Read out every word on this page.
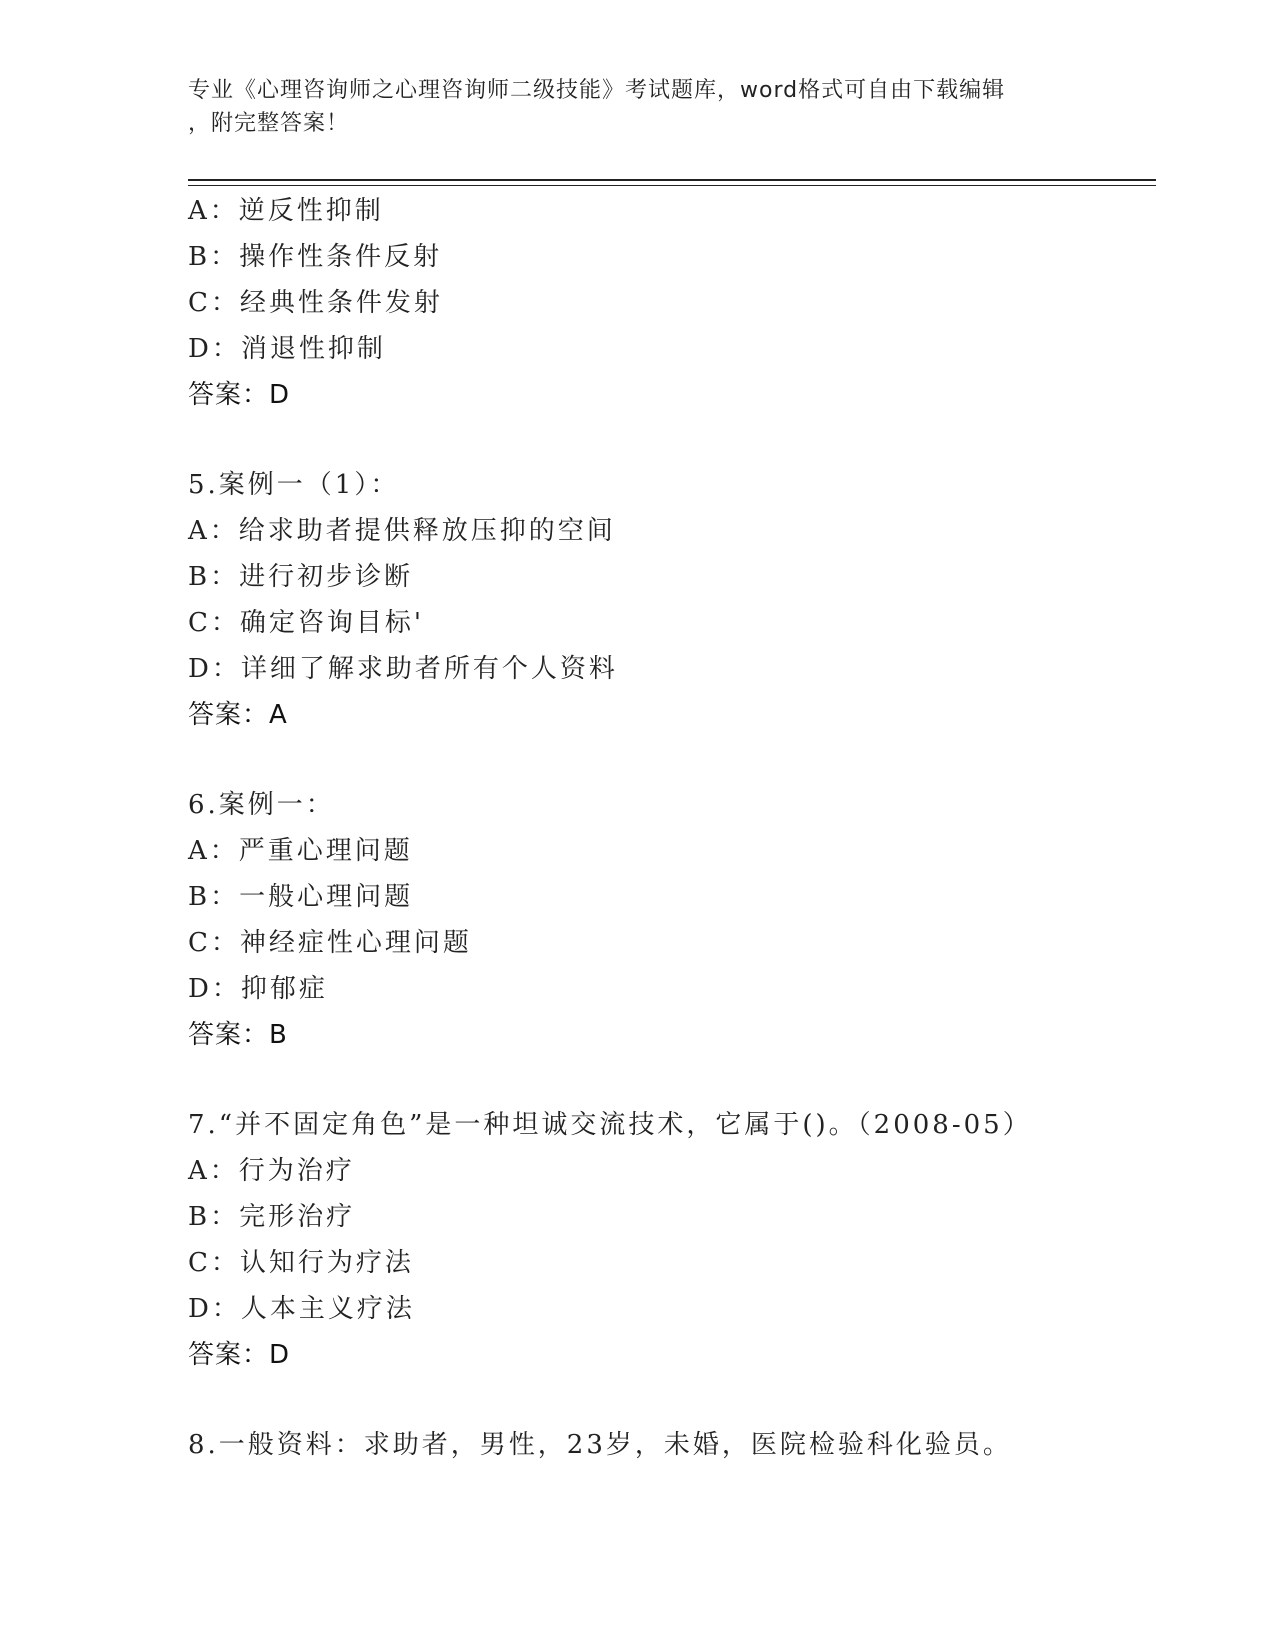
专业《心理咨询师之心理咨询师二级技能》考试题库，word格式可自由下载编辑
，附完整答案！
A：逆反性抑制
B：操作性条件反射
C：经典性条件发射
D：消退性抑制
答案：D
5.案例一（1）：
A：给求助者提供释放压抑的空间
B：进行初步诊断
C：确定咨询目标'
D：详细了解求助者所有个人资料
答案：A
6.案例一：
A：严重心理问题
B：一般心理问题
C：神经症性心理问题
D：抑郁症
答案：B
7.“并不固定角色”是一种坦诚交流技术，它属于()。（2008-05）
A：行为治疗
B：完形治疗
C：认知行为疗法
D：人本主义疗法
答案：D
8.一般资料：求助者，男性，23岁，未婚，医院检验科化验员。
